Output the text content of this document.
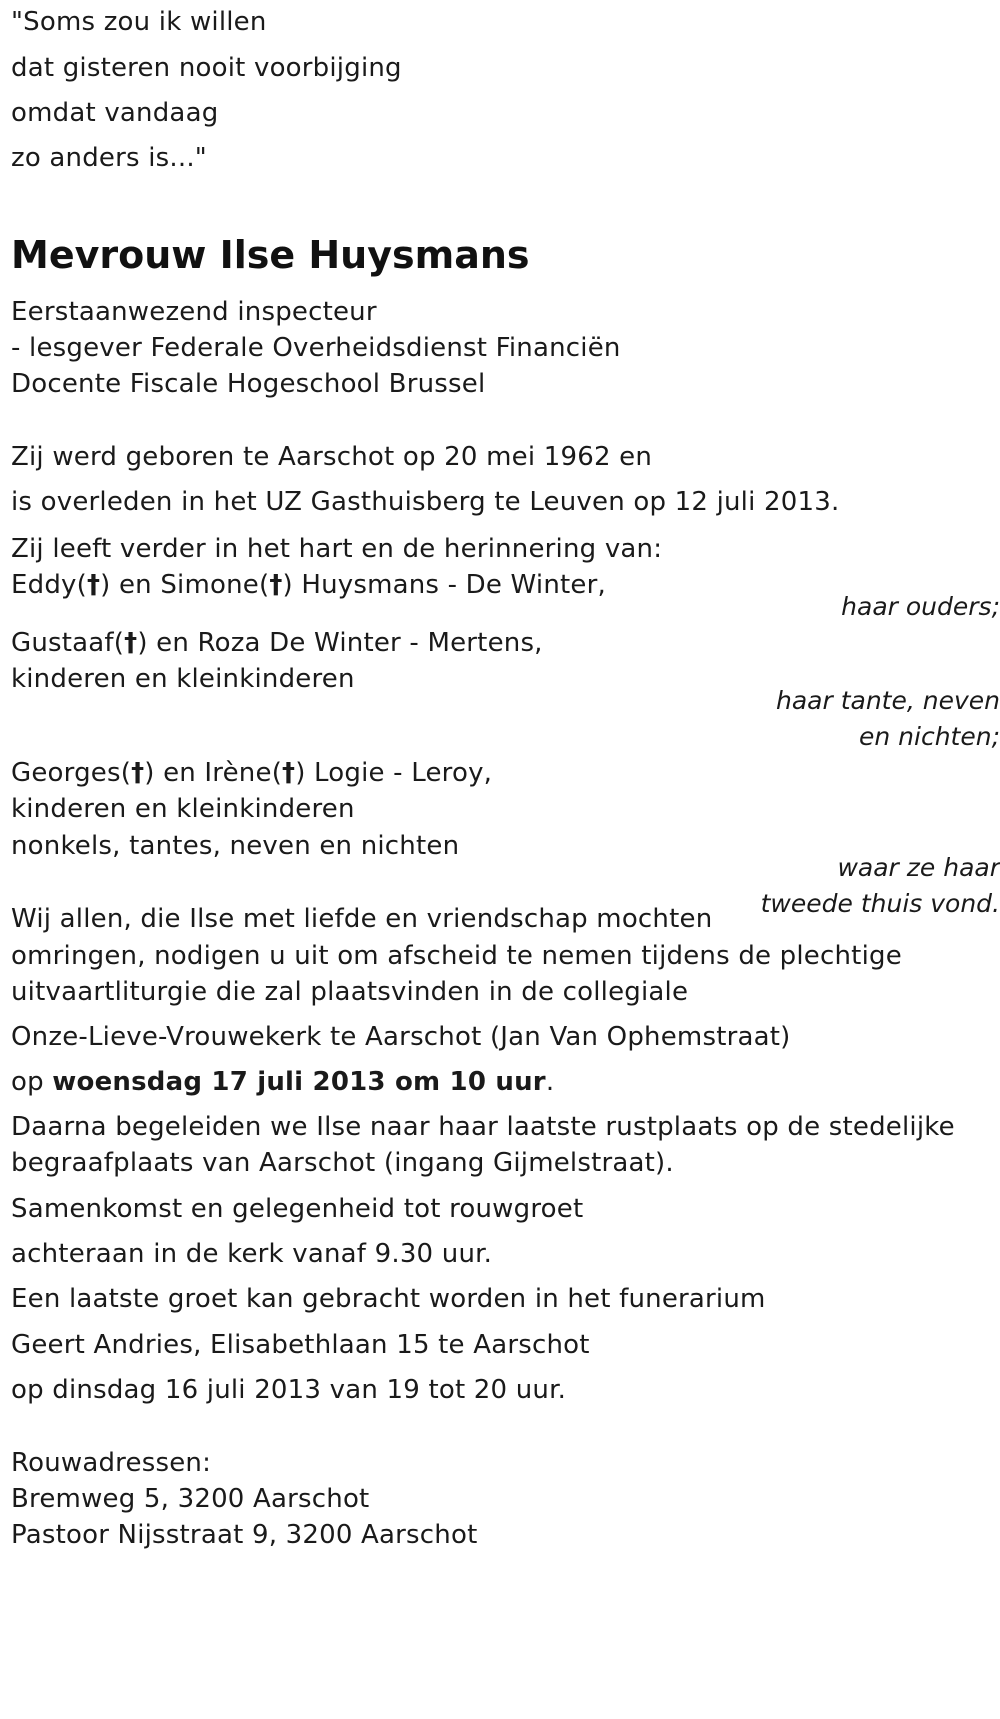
"Soms zou ik willen
dat gisteren nooit voorbijging
omdat vandaag
zo anders is..."
Mevrouw Ilse Huysmans
Eerstaanwezend inspecteur
- lesgever Federale Overheidsdienst Financiën
Docente Fiscale Hogeschool Brussel
Zij werd geboren te Aarschot op 20 mei 1962 en
is overleden in het UZ Gasthuisberg te Leuven op 12 juli 2013.
Zij leeft verder in het hart en de herinnering van:
Eddy(†) en Simone(†) Huysmans - De Winter,
haar ouders;
Gustaaf(†) en Roza De Winter - Mertens,
kinderen en kleinkinderen
haar tante, neven
en nichten;
Georges(†) en Irène(†) Logie - Leroy,
kinderen en kleinkinderen
nonkels, tantes, neven en nichten
waar ze haar
tweede thuis vond.
Wij allen, die Ilse met liefde en vriendschap mochten
omringen, nodigen u uit om afscheid te nemen tijdens de plechtige
uitvaartliturgie die zal plaatsvinden in de collegiale
Onze-Lieve-Vrouwekerk te Aarschot (Jan Van Ophemstraat)
op woensdag 17 juli 2013 om 10 uur.
Daarna begeleiden we Ilse naar haar laatste rustplaats op de stedelijke
begraafplaats van Aarschot (ingang Gijmelstraat).
Samenkomst en gelegenheid tot rouwgroet
achteraan in de kerk vanaf 9.30 uur.
Een laatste groet kan gebracht worden in het funerarium
Geert Andries, Elisabethlaan 15 te Aarschot
op dinsdag 16 juli 2013 van 19 tot 20 uur.
Rouwadressen:
Bremweg 5, 3200 Aarschot
Pastoor Nijsstraat 9, 3200 Aarschot
